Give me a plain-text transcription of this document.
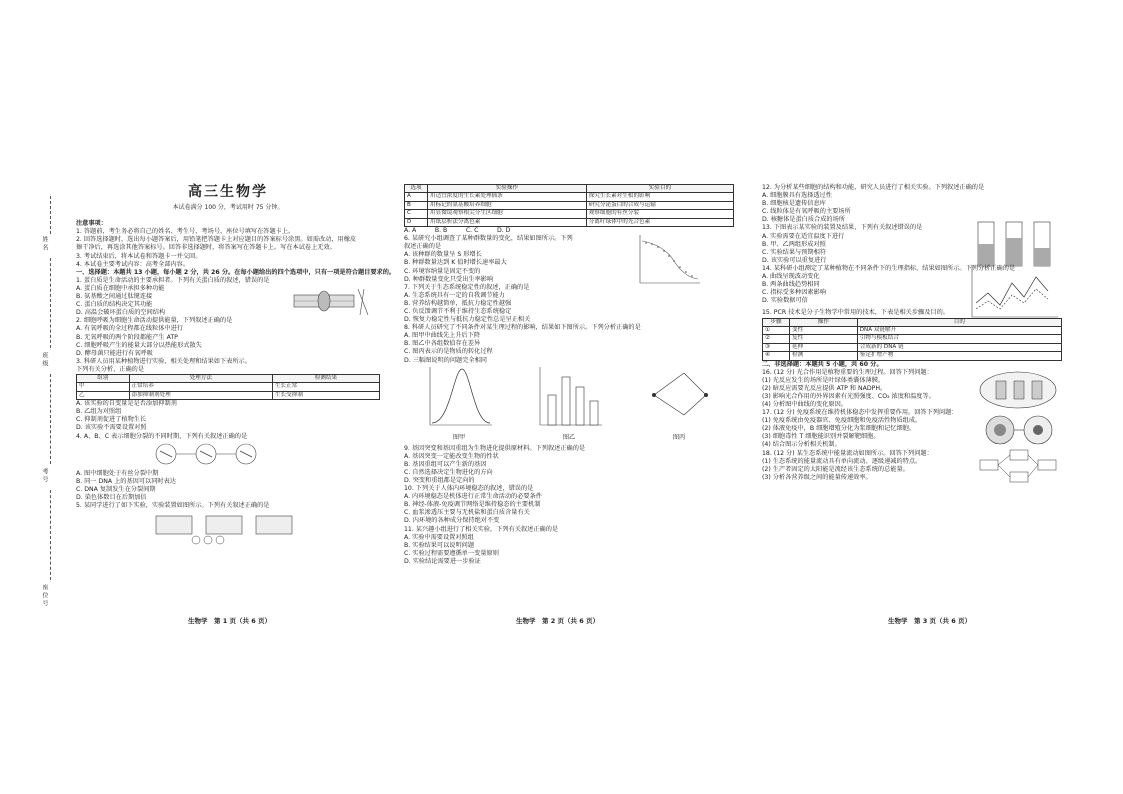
姓名
班级
考号
座位号
高三生物学
本试卷满分 100 分，考试用时 75 分钟。
注意事项：
1. 答题前，考生务必将自己的姓名、考生号、考场号、座位号填写在答题卡上。
2. 回答选择题时，选出每小题答案后，用铅笔把答题卡上对应题目的答案标号涂黑。如需改动，用橡皮
擦干净后，再选涂其他答案标号。回答非选择题时，将答案写在答题卡上。写在本试卷上无效。
3. 考试结束后，将本试卷和答题卡一并交回。
4. 本试卷主要考试内容：高考全部内容。
一、选择题：本题共 13 小题，每小题 2 分，共 26 分。在每小题给出的四个选项中，只有一项是符合题目要求的。
1. 蛋白质是生命活动的主要承担者。下列有关蛋白质的叙述，错误的是
A. 蛋白质在细胞中承担多种功能
B. 氨基酸之间通过肽键连接
C. 蛋白质的结构决定其功能
D. 高温会破坏蛋白质的空间结构
2. 细胞呼吸为细胞生命活动提供能量，下列叙述正确的是
A. 有氧呼吸的全过程都在线粒体中进行
B. 无氧呼吸的两个阶段都能产生 ATP
C. 细胞呼吸产生的能量大部分以热能形式散失
D. 酵母菌只能进行有氧呼吸
3. 科研人员用某种植物进行实验，相关处理和结果如下表所示。
下列有关分析，正确的是
组别	处理方法	检测结果
甲	正常培养	生长正常
乙	添加抑制剂处理	生长受抑制
A. 该实验的自变量是是否添加抑制剂
B. 乙组为对照组
C. 抑制剂促进了植物生长
D. 该实验不需要设置对照
4. A、B、C 表示细胞分裂的不同时期，下列有关叙述正确的是
A. 图中细胞处于有丝分裂中期
B. 同一 DNA 上的基因可以同时表达
C. DNA 复制发生在分裂间期
D. 染色体数目在后期加倍
5. 某同学进行了如下实验，实验装置如图所示。下列有关叙述正确的是
生物学　第 1 页（共 6 页）
选项	实验操作	实验目的
A	用适宜浓度的生长素处理插条	探究生长素对生根的影响
B	用标记的氨基酸培养细胞	研究分泌蛋白的合成与运输
C	用显微镜观察根尖分生区细胞	观察细胞的有丝分裂
D	用纸层析法分离色素	分离叶绿体中的光合色素
A. A　　　B. B　　　C. C　　　D. D
6. 某研究小组调查了某种群数量的变化，结果如图所示。下列
叙述正确的是
A. 该种群的数量呈 S 形增长
B. 种群数量达到 K 值时增长速率最大
C. 环境容纳量是固定不变的
D. 种群数量变化只受出生率影响
7. 下列关于生态系统稳定性的叙述，正确的是
A. 生态系统具有一定的自我调节能力
B. 营养结构越简单，抵抗力稳定性越强
C. 负反馈调节不利于维持生态系统稳定
D. 恢复力稳定性与抵抗力稳定性总是呈正相关
8. 科研人员研究了不同条件对某生理过程的影响，结果如下图所示。下列分析正确的是
A. 图甲中曲线先上升后下降
B. 图乙中各组数值存在差异
C. 图丙表示的是物质的转化过程
D. 三幅图说明的问题完全相同
图甲	图乙	图丙
9. 基因突变和基因重组为生物进化提供原材料。下列叙述正确的是
A. 基因突变一定能改变生物的性状
B. 基因重组可以产生新的基因
C. 自然选择决定生物进化的方向
D. 突变和重组都是定向的
10. 下列关于人体内环境稳态的叙述，错误的是
A. 内环境稳态是机体进行正常生命活动的必要条件
B. 神经-体液-免疫调节网络是维持稳态的主要机制
C. 血浆渗透压主要与无机盐和蛋白质含量有关
D. 内环境的各种成分保持绝对不变
11. 某兴趣小组进行了相关实验，下列有关叙述正确的是
A. 实验中需要设置对照组
B. 实验结果可以说明问题
C. 实验过程需要遵循单一变量原则
D. 实验结论需要进一步验证
生物学　第 2 页（共 6 页）
12. 为分析某些细胞的结构和功能，研究人员进行了相关实验。下列叙述正确的是
A. 细胞膜具有选择透过性
B. 细胞核是遗传信息库
C. 线粒体是有氧呼吸的主要场所
D. 核糖体是蛋白质合成的场所
13. 下图表示某实验的装置及结果，下列有关叙述错误的是
A. 实验需要在适宜温度下进行
B. 甲、乙两组形成对照
C. 实验结果与预期相符
D. 该实验可以重复进行
14. 某科研小组测定了某种植物在不同条件下的生理指标，结果如图所示。下列分析正确的是
A. 曲线呈现波动变化
B. 两条曲线趋势相同
C. 指标受多种因素影响
D. 实验数据可信
15. PCR 技术是分子生物学中常用的技术，下表是相关步骤及目的。
步骤	操作	目的
①	变性	DNA 双链解开
②	复性	引物与模板结合
③	延伸	合成新的 DNA 链
④	检测	鉴定扩增产物
二、非选择题：本题共 5 小题，共 60 分。
16. (12 分) 光合作用是植物重要的生理过程。回答下列问题：
(1) 光反应发生的场所是叶绿体类囊体薄膜。
(2) 暗反应需要光反应提供 ATP 和 NADPH。
(3) 影响光合作用的外界因素有光照强度、CO₂ 浓度和温度等。
(4) 分析图中曲线的变化原因。
17. (12 分) 免疫系统在维持机体稳态中发挥重要作用。回答下列问题：
(1) 免疫系统由免疫器官、免疫细胞和免疫活性物质组成。
(2) 体液免疫中，B 细胞增殖分化为浆细胞和记忆细胞。
(3) 细胞毒性 T 细胞能识别并裂解靶细胞。
(4) 结合图示分析相关机制。
18. (12 分) 某生态系统中能量流动如图所示。回答下列问题：
(1) 生态系统的能量流动具有单向流动、逐级递减的特点。
(2) 生产者固定的太阳能是流经该生态系统的总能量。
(3) 分析各营养级之间的能量传递效率。
生物学　第 3 页（共 6 页）
